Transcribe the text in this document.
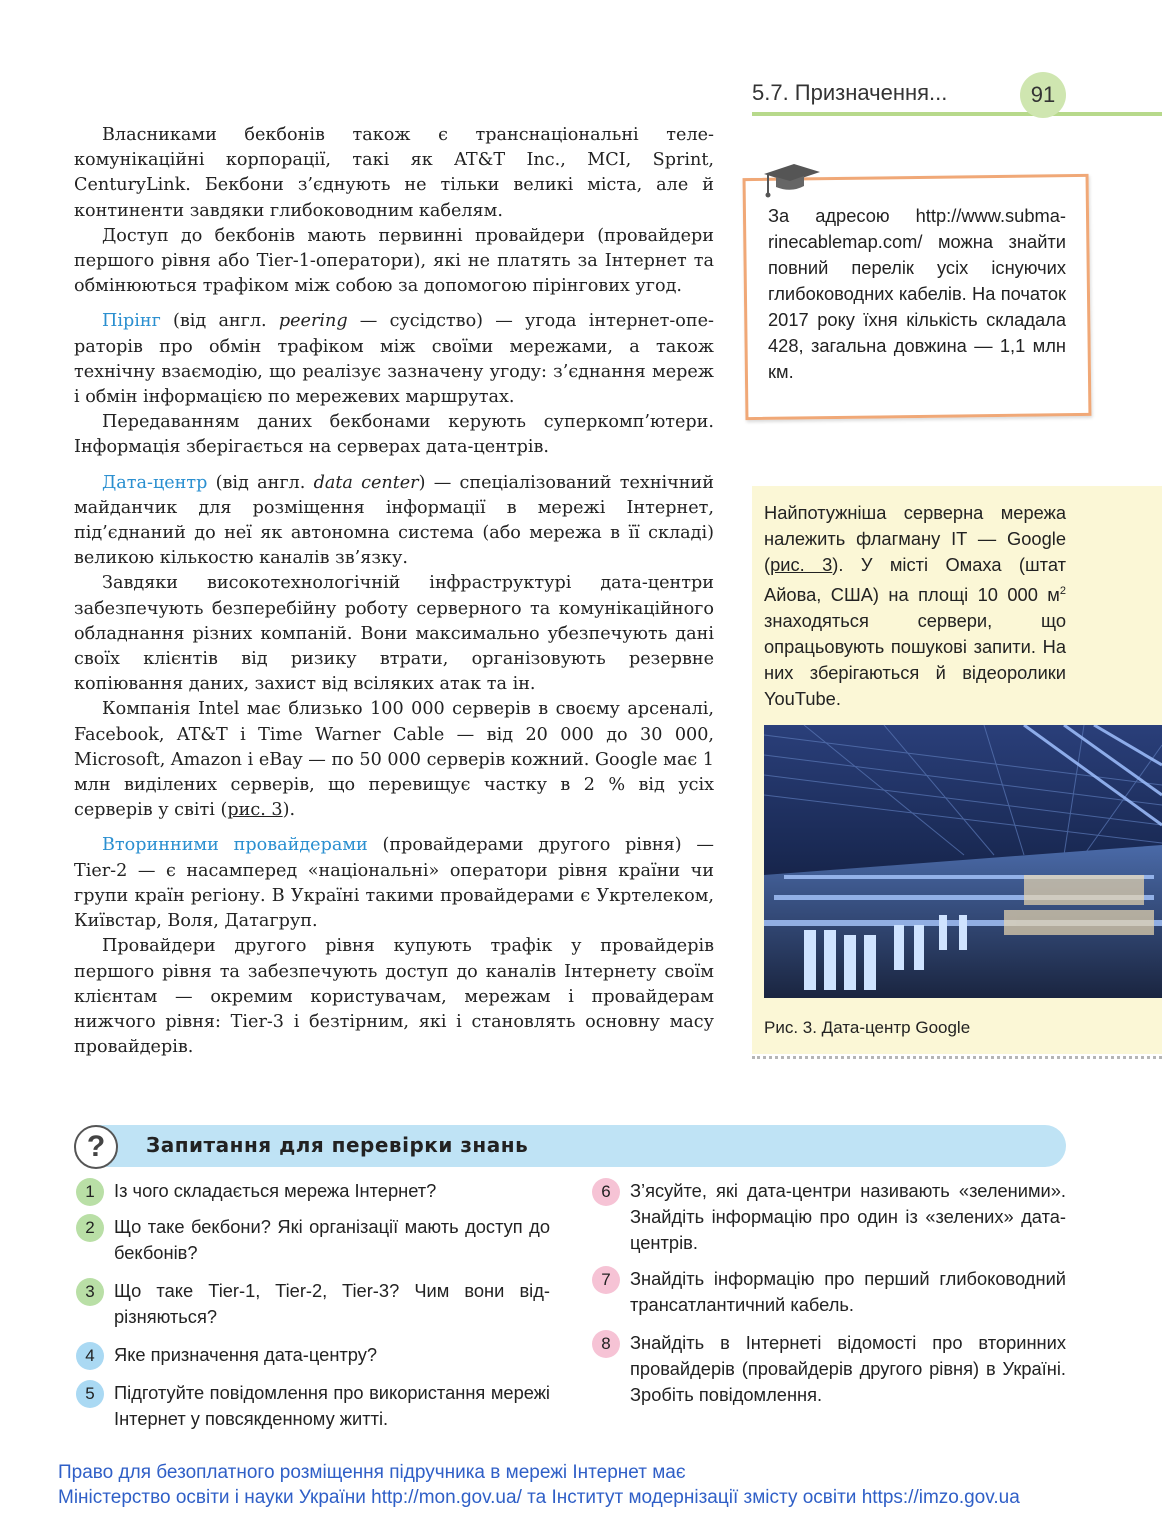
5.7. Призначення...	91

Власниками бекбонів також є транснаціональні телекомунікаційні корпорації, такі як AT&T Inc., MCI, Sprint, CenturyLink. Бекбони з’єднують не тільки великі міста, але й континенти завдяки глибоководним кабелям.

Доступ до бекбонів мають первинні провайдери (провайдери першого рівня або Tier-1-оператори), які не платять за Інтернет та обмінюються трафіком між собою за допомогою пірінгових угод.

Пірінг (від англ. peering — сусідство) — угода інтернет-операторів про обмін трафіком між своїми мережами, а також технічну взаємодію, що реалізує зазначену угоду: з’єднання мереж і обмін інформацією по мережевих маршрутах.

Передаванням даних бекбонами керують суперкомп’ютери. Інформація зберігається на серверах дата-центрів.

Дата-центр (від англ. data center) — спеціалізований технічний майданчик для розміщення інформації в мережі Інтернет, під’єднаний до неї як автономна система (або мережа в її складі) великою кількостю каналів зв’язку.

Завдяки високотехнологічній інфраструктурі дата-центри забезпечують безперебійну роботу серверного та комунікаційного обладнання різних компаній. Вони максимально убезпечують дані своїх клієнтів від ризику втрати, організовують резервне копіювання даних, захист від всіляких атак та ін.

Компанія Intel має близько 100 000 серверів в своєму арсеналі, Facebook, AT&T і Time Warner Cable — від 20 000 до 30 000, Microsoft, Amazon і eBay — по 50 000 серверів кожний. Google має 1 млн виділених серверів, що перевищує частку в 2 % від усіх серверів у світі (рис. 3).

Вторинними провайдерами (провайдерами другого рівня) — Tier-2 — є насамперед «національні» оператори рівня країни чи групи країн регіону. В Україні такими провайдерами є Укртелеком, Київстар, Воля, Датагруп.

Провайдери другого рівня купують трафік у провайдерів першого рівня та забезпечують доступ до каналів Інтернету своїм клієнтам — окремим користувачам, мережам і провайдерам нижчого рівня: Tier-3 і безтірним, які і становлять основну масу провайдерів.

За адресою http://www.submarinecablemap.com/ можна знайти повний перелік усіх існуючих глибоководних кабелів. На початок 2017 року їхня кількість складала 428, загальна довжина — 1,1 млн км.
Найпотужніша серверна мережа належить флагману IT — Google (рис. 3). У місті Омаха (штат Айова, США) на площі 10 000 $м^2$ знаходяться сервери, що опрацьовують пошукові запити. На них зберігаються й відеоролики YouTube.
Рис. 3. Дата-центр Google
?	Запитання для перевірки знань
1	Із чого складається мережа Інтернет?
2	Що таке бекбони? Які організації мають доступ до бекбонів?
3	Що таке Tier-1, Tier-2, Tier-3? Чим вони відрізняються?
4	Яке призначення дата-центру?
5	Підготуйте повідомлення про використання мережі Інтернет у повсякденному житті.
6	З’ясуйте, які дата-центри називають «зеленими». Знайдіть інформацію про один із «зелених» дата-центрів.
7	Знайдіть інформацію про перший глибоководний трансатлантичний кабель.
8	Знайдіть в Інтернеті відомості про вторинних провайдерів (провайдерів другого рівня) в Україні. Зробіть повідомлення.
Право для безоплатного розміщення підручника в мережі Інтернет має
Міністерство освіти і науки України http://mon.gov.ua/ та Інститут модернізації змісту освіти https://imzo.gov.ua
